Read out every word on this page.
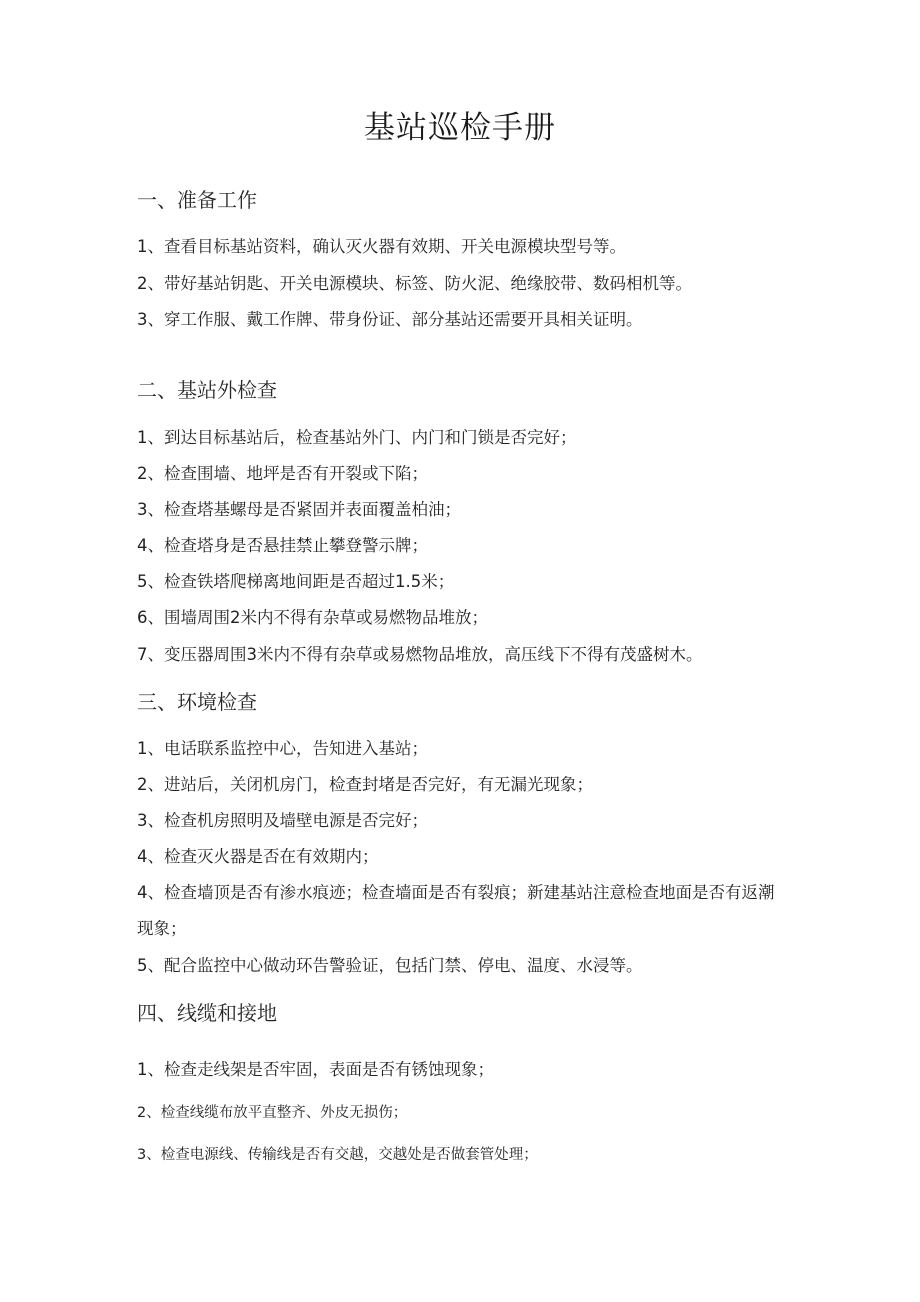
基站巡检手册
一、准备工作
1、查看目标基站资料，确认灭火器有效期、开关电源模块型号等。
2、带好基站钥匙、开关电源模块、标签、防火泥、绝缘胶带、数码相机等。
3、穿工作服、戴工作牌、带身份证、部分基站还需要开具相关证明。
二、基站外检查
1、到达目标基站后，检查基站外门、内门和门锁是否完好；
2、检查围墙、地坪是否有开裂或下陷；
3、检查塔基螺母是否紧固并表面覆盖柏油；
4、检查塔身是否悬挂禁止攀登警示牌；
5、检查铁塔爬梯离地间距是否超过1.5米；
6、围墙周围2米内不得有杂草或易燃物品堆放；
7、变压器周围3米内不得有杂草或易燃物品堆放，高压线下不得有茂盛树木。
三、环境检查
1、电话联系监控中心，告知进入基站；
2、进站后，关闭机房门，检查封堵是否完好，有无漏光现象；
3、检查机房照明及墙壁电源是否完好；
4、检查灭火器是否在有效期内；
4、检查墙顶是否有渗水痕迹；检查墙面是否有裂痕；新建基站注意检查地面是否有返潮现象；
5、配合监控中心做动环告警验证，包括门禁、停电、温度、水浸等。
四、线缆和接地
1、检查走线架是否牢固，表面是否有锈蚀现象；
2、检查线缆布放平直整齐、外皮无损伤；
3、检查电源线、传输线是否有交越，交越处是否做套管处理；
